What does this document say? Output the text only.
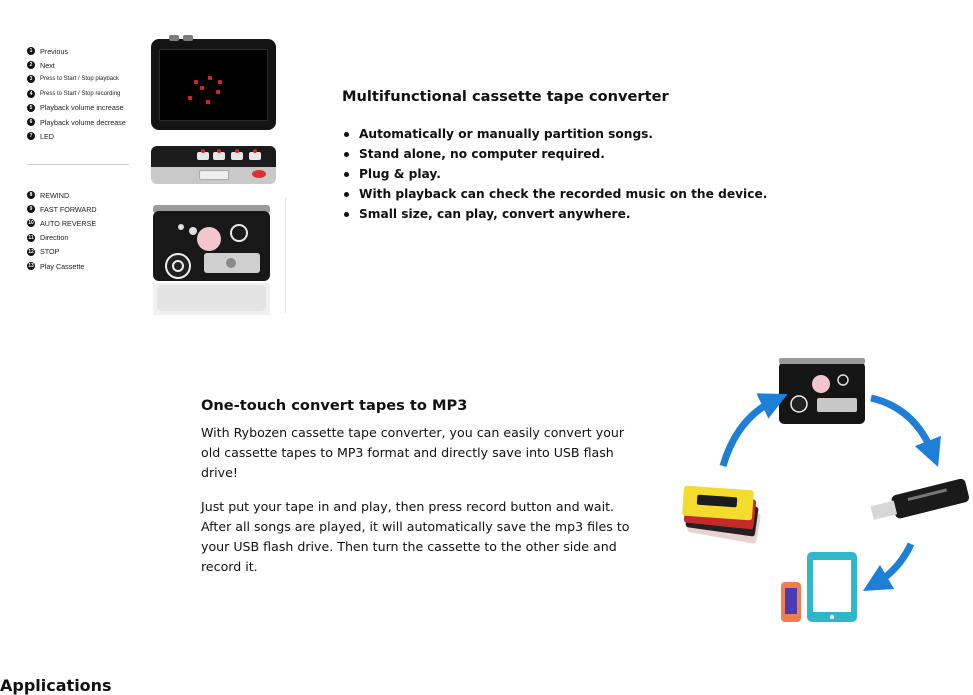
1	Previous
2	Next
3	Press to Start / Stop playback
4	Press to Start / Stop recording
5	Playback volume increase
6	Playback volume decrease
7	LED
8	REWIND
9	FAST FORWARD
10 AUTO REVERSE
11 Direction
12 STOP
13 Play Cassette
Multifunctional cassette tape converter
Automatically or manually partition songs.
Stand alone, no computer required.
Plug & play.
With playback can check the recorded music on the device.
Small size, can play, convert anywhere.
One-touch convert tapes to MP3

With Rybozen cassette tape converter, you can easily convert your old cassette tapes to MP3 format and directly save into USB flash drive!

Just put your tape in and play, then press record button and wait. After all songs are played, it will automatically save the mp3 files to your USB flash drive. Then turn the cassette to the other side and record it.

Applications
